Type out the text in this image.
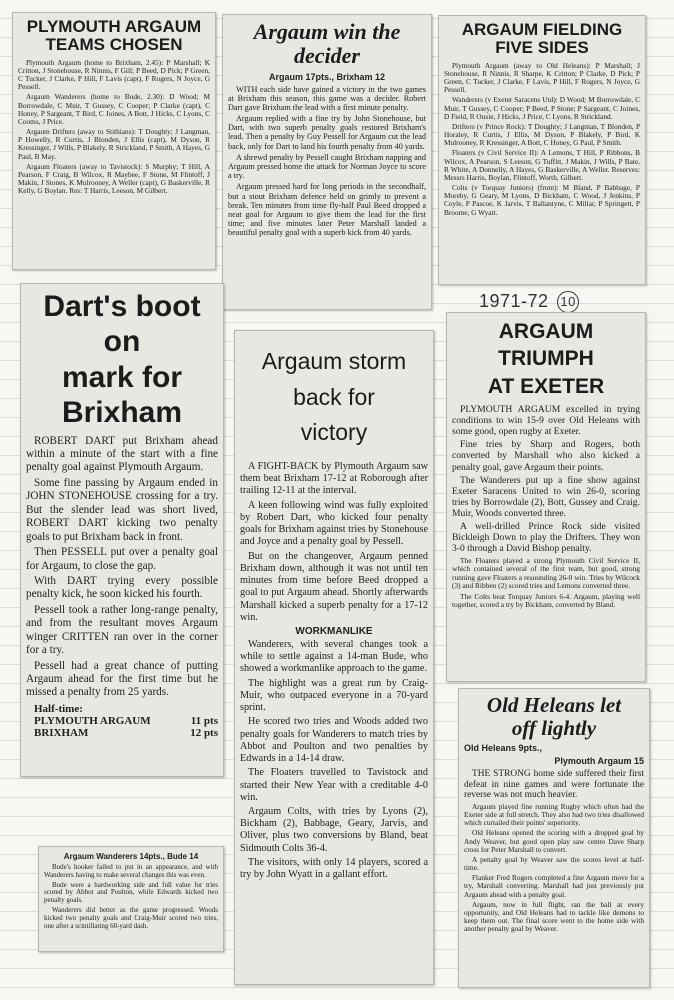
PLYMOUTH ARGAUM
TEAMS CHOSEN

Plymouth Argaum (home to Brixham, 2.45): P Marshall; K Critton, J Stonehouse, R Ninnis, F Gill; P Beed, D Pick; P Green, C Tucker, J Clarke, P Hill, F Lavis (capt), F Rogers, N Joyce, G Pessell.

Argaum Wanderers (home to Bude, 2.30): D Wood; M Borrowdale, C Muir, T Gussey, C Cooper; P Clarke (capt), C Honey, P Sargeant, T Bird, C Joines, A Bott, J Hicks, C Lyons, C Cooms, J Price.

Argaum Drifters (away to Stithians): T Doughty; J Langman, P Howelly, R Curtis, J Blonden, J Ellis (capt), M Dyson, R Kressinger, J Wills, P Blakely, R Strickland, P Smith, A Hayes, G Paul, B May.

Argaum Floaters (away to Tavistock): S Murphy; T Hill, A Pearson, F Craig, B Wilcox, R Maybee, F Stone, M Flintoff, J Makin, J Stones, K Mulrooney, A Weller (capt), G Baskerville, R Kelly, G Boylan. Res: T Harris, Leeson, M Gilbert.

Argaum win the
decider
Argaum 17pts., Brixham 12

WITH each side have gained a victory in the two games at Brixham this season, this game was a decider. Robert Dart gave Brixham the lead with a first minute penalty.

Argaum replied with a fine try by John Stonehouse, but Dart, with two superb penalty goals restored Brixham's lead. Then a penalty by Guy Pessell for Argaum cut the lead back, only for Dart to land his fourth penalty from 40 yards.

A shrewd penalty by Pessell caught Brixham napping and Argaum pressed home the attack for Norman Joyce to score a try.

Argaum pressed hard for long periods in the secondhalf, but a stout Brixham defence held on grimly to prevent a break. Ten minutes from time fly-half Paul Beed dropped a neat goal for Argaum to give them the lead for the first time; and five minutes later Peter Marshall landed a beautiful penalty goal with a superb kick from 40 yards.

ARGAUM FIELDING
FIVE SIDES

Plymouth Argaum (away to Old Heleans): P Marshall; J Stonehouse, R Ninnis, R Sharpe, K Critton; P Clarke, D Pick; P Green, C Tucker, J Clarke, F Lavis, P Hill, F Rogers, N Joyce, G Pessell.

Wanderers (v Exeter Saracens Utd): D Wood; M Borrowdale, C Muir, T Gussey, C Cooper; P Beed, P Stone; P Sargeant, C Joines, D Field, R Ousie, J Hicks, J Price, C Lyons, R Strickland.

Drifters (v Prince Rock): T Doughty; J Langman, T Blonden, P Horaley, R Curtis, J Ellis, M Dyson, P Blakely, P Bird, K Mulrooney, R Kressinger, A Bott, C Honey, G Paul, P Smith.

Floaters (v Civil Service II): A Lemons, T Hill, P Ribbons, B Wilcox, A Pearson, S Leeson, G Tuffitt, J Makin, J Wills, P Bate, R White, A Donnelly, A Hayes, G Baskerville, A Weller. Reserves: Messrs Harris, Boylan, Flintoff, Worth, Gilbert.

Colts (v Torquay Juniors) (from): M Bland, P Babbage, P Moreby, G Geary, M Lyons, D Bickham, C Wood, J Jenkins, P Coyle, P Pascoe, K Jarvis, T Ballantyne, C Millar, P Springett, P Broome, G Wyatt.

1971-72 10
Dart's boot on
mark for
Brixham

ROBERT DART put Brixham ahead within a minute of the start with a fine penalty goal against Plymouth Argaum.

Some fine passing by Argaum ended in JOHN STONEHOUSE crossing for a try. But the slender lead was short lived, ROBERT DART kicking two penalty goals to put Brixham back in front.

Then PESSELL put over a penalty goal for Argaum, to close the gap.

With DART trying every possible penalty kick, he soon kicked his fourth.

Pessell took a rather long-range penalty, and from the resultant moves Argaum winger CRITTEN ran over in the corner for a try.

Pessell had a great chance of putting Argaum ahead for the first time but he missed a penalty from 25 yards.

Half-time:
PLYMOUTH ARGAUM	11 pts
BRIXHAM	12 pts
Argaum storm
back for
victory

A FIGHT-BACK by Plymouth Argaum saw them beat Brixham 17-12 at Roborough after trailing 12-11 at the interval.

A keen following wind was fully exploited by Robert Dart, who kicked four penalty goals for Brixham against tries by Stonehouse and Joyce and a penalty goal by Pessell.

But on the changeover, Argaum penned Brixham down, although it was not until ten minutes from time before Beed dropped a goal to put Argaum ahead. Shortly afterwards Marshall kicked a superb penalty for a 17-12 win.

WORKMANLIKE

Wanderers, with several changes took a while to settle against a 14-man Bude, who showed a workmanlike approach to the game.

The highlight was a great run by Craig-Muir, who outpaced everyone in a 70-yard sprint.

He scored two tries and Woods added two penalty goals for Wanderers to match tries by Abbot and Poulton and two penalties by Edwards in a 14-14 draw.

The Floaters travelled to Tavistock and started their New Year with a creditable 4-0 win.

Argaum Colts, with tries by Lyons (2), Bickham (2), Babbage, Geary, Jarvis, and Oliver, plus two conversions by Bland, beat Sidmouth Colts 36-4.

The visitors, with only 14 players, scored a try by John Wyatt in a gallant effort.

ARGAUM TRIUMPH
AT EXETER

PLYMOUTH ARGAUM excelled in trying conditions to win 15-9 over Old Heleans with some good, open rugby at Exeter.

Fine tries by Sharp and Rogers, both converted by Marshall who also kicked a penalty goal, gave Argaum their points.

The Wanderers put up a fine show against Exeter Saracens United to win 26-0, scoring tries by Borrowdale (2), Bott, Gussey and Craig. Muir, Woods converted three.

A well-drilled Prince Rock side visited Bickleigh Down to play the Drifters. They won 3-0 through a David Bishop penalty.

The Floaters played a strong Plymouth Civil Service II, which contained several of the first team, but good, strong running gave Floaters a resounding 26-0 win. Tries by Wilcock (3) and Ribben (2) scored tries and Lemons converted three.

The Colts beat Torquay Juniors 6-4. Argaum, playing well together, scored a try by Bickham, converted by Bland.

Old Heleans let
off lightly
Old Heleans 9pts.,
Plymouth Argaum 15

THE STRONG home side suffered their first defeat in nine games and were fortunate the reverse was not much heavier.

Argaum played fine running Rugby which often had the Exeter side at full stretch. They also had two tries disallowed which curtailed their points' superiority.

Old Heleans opened the scoring with a dropped goal by Andy Weaver, but good open play saw centre Dave Sharp cross for Peter Marshall to convert.

A penalty goal by Weaver saw the scores level at half-time.

Flanker Fred Rogers completed a fine Argaum move for a try, Marshall converting. Marshall had just previously put Argaum ahead with a penalty goal.

Argaum, now in full flight, ran the ball at every opportunity, and Old Heleans had to tackle like demons to keep them out. The final score went to the home side with another penalty goal by Weaver.

Argaum Wanderers 14pts., Bude 14

Bude's hooker failed to put in an appearance, and with Wanderers having to make several changes this was even.

Bude were a hardworking side and full value for tries scored by Abbot and Poulton, while Edwards kicked two penalty goals.

Wanderers did better as the game progressed. Woods kicked two penalty goals and Craig-Muir scored two tries, one after a scintillating 60-yard dash.
